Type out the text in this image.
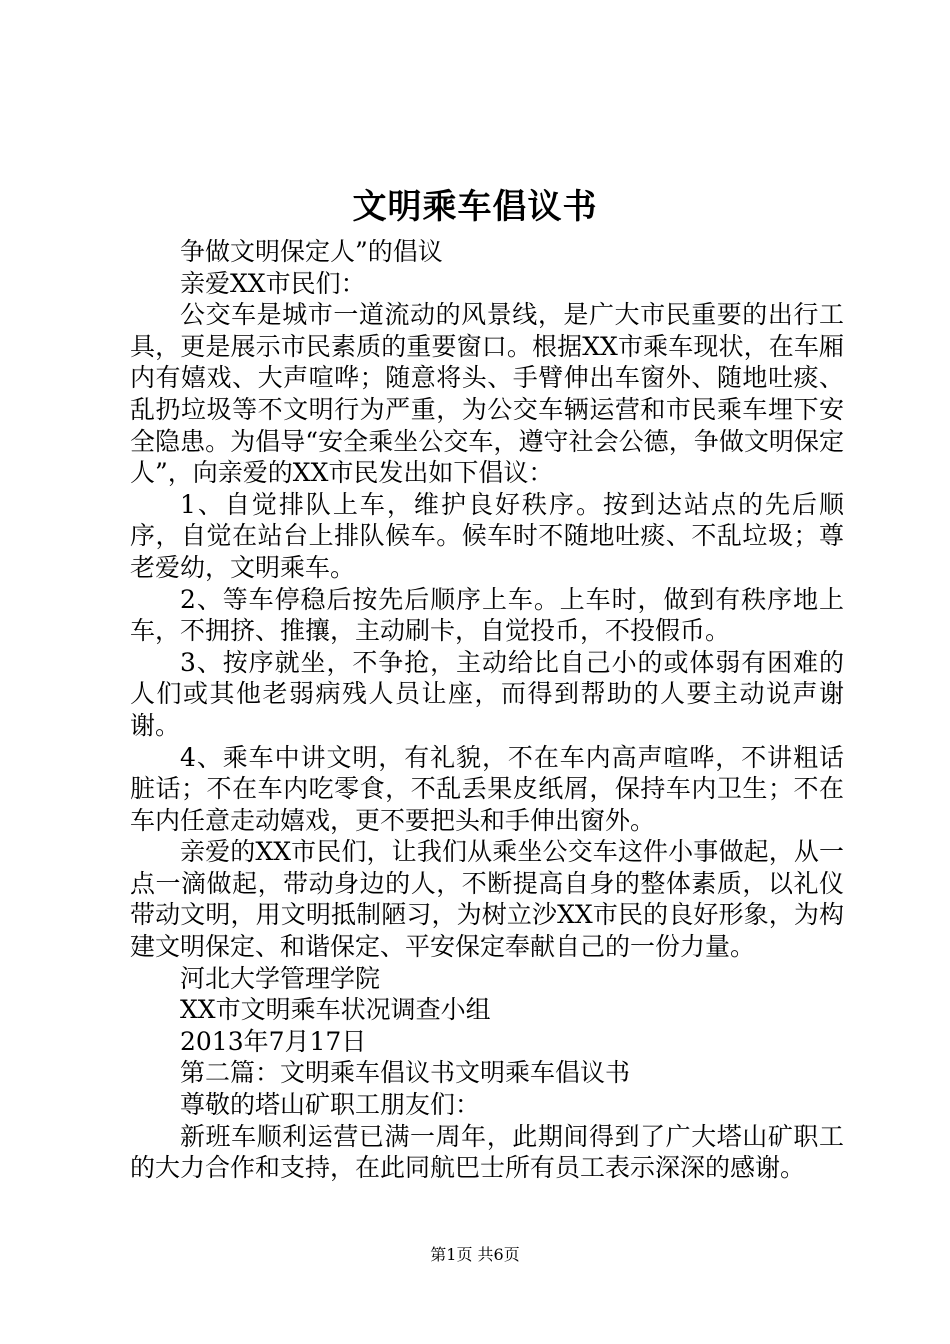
文明乘车倡议书

争做文明保定人”的倡议

亲爱XX市民们：

公交车是城市一道流动的风景线，是广大市民重要的出行工具，更是展示市民素质的重要窗口。根据XX市乘车现状，在车厢内有嬉戏、大声喧哗；随意将头、手臂伸出车窗外、随地吐痰、乱扔垃圾等不文明行为严重，为公交车辆运营和市民乘车埋下安全隐患。为倡导“安全乘坐公交车，遵守社会公德，争做文明保定人”，向亲爱的XX市民发出如下倡议：

1、自觉排队上车，维护良好秩序。按到达站点的先后顺序，自觉在站台上排队候车。候车时不随地吐痰、不乱垃圾；尊老爱幼，文明乘车。

2、等车停稳后按先后顺序上车。上车时，做到有秩序地上车，不拥挤、推攘，主动刷卡，自觉投币，不投假币。

3、按序就坐，不争抢，主动给比自己小的或体弱有困难的人们或其他老弱病残人员让座，而得到帮助的人要主动说声谢谢。

4、乘车中讲文明，有礼貌，不在车内高声喧哗，不讲粗话脏话；不在车内吃零食，不乱丢果皮纸屑，保持车内卫生；不在车内任意走动嬉戏，更不要把头和手伸出窗外。

亲爱的XX市民们，让我们从乘坐公交车这件小事做起，从一点一滴做起，带动身边的人，不断提高自身的整体素质，以礼仪带动文明，用文明抵制陋习，为树立沙XX市民的良好形象，为构建文明保定、和谐保定、平安保定奉献自己的一份力量。

河北大学管理学院

XX市文明乘车状况调查小组

2013年7月17日

第二篇：文明乘车倡议书文明乘车倡议书

尊敬的塔山矿职工朋友们：

新班车顺利运营已满一周年，此期间得到了广大塔山矿职工的大力合作和支持，在此同航巴士所有员工表示深深的感谢。

第1页 共6页
